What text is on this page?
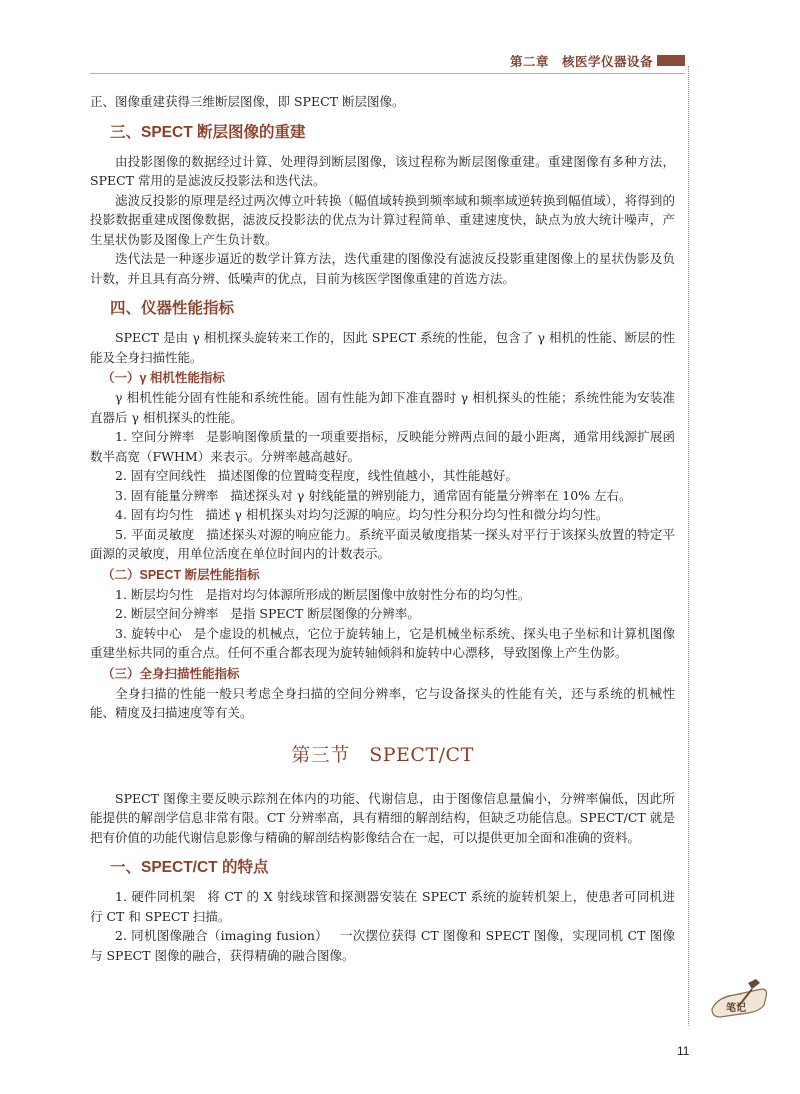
第二章　核医学仪器设备

正、图像重建获得三维断层图像，即 SPECT 断层图像。

三、SPECT 断层图像的重建

由投影图像的数据经过计算、处理得到断层图像，该过程称为断层图像重建。重建图像有多种方法，SPECT 常用的是滤波反投影法和迭代法。

滤波反投影的原理是经过两次傅立叶转换（幅值域转换到频率域和频率域逆转换到幅值域），将得到的投影数据重建成图像数据，滤波反投影法的优点为计算过程简单、重建速度快，缺点为放大统计噪声，产生星状伪影及图像上产生负计数。

迭代法是一种逐步逼近的数学计算方法，迭代重建的图像没有滤波反投影重建图像上的星状伪影及负计数，并且具有高分辨、低噪声的优点，目前为核医学图像重建的首选方法。

四、仪器性能指标

SPECT 是由 γ 相机探头旋转来工作的，因此 SPECT 系统的性能，包含了 γ 相机的性能、断层的性能及全身扫描性能。

（一）γ 相机性能指标

γ 相机性能分固有性能和系统性能。固有性能为卸下准直器时 γ 相机探头的性能；系统性能为安装准直器后 γ 相机探头的性能。

1. 空间分辨率 是影响图像质量的一项重要指标，反映能分辨两点间的最小距离，通常用线源扩展函数半高宽（FWHM）来表示。分辨率越高越好。

2. 固有空间线性 描述图像的位置畸变程度，线性值越小，其性能越好。

3. 固有能量分辨率 描述探头对 γ 射线能量的辨别能力，通常固有能量分辨率在 10% 左右。

4. 固有均匀性 描述 γ 相机探头对均匀泛源的响应。均匀性分积分均匀性和微分均匀性。

5. 平面灵敏度 描述探头对源的响应能力。系统平面灵敏度指某一探头对平行于该探头放置的特定平面源的灵敏度，用单位活度在单位时间内的计数表示。

（二）SPECT 断层性能指标

1. 断层均匀性 是指对均匀体源所形成的断层图像中放射性分布的均匀性。

2. 断层空间分辨率 是指 SPECT 断层图像的分辨率。

3. 旋转中心 是个虚设的机械点，它位于旋转轴上，它是机械坐标系统、探头电子坐标和计算机图像重建坐标共同的重合点。任何不重合都表现为旋转轴倾斜和旋转中心漂移，导致图像上产生伪影。

（三）全身扫描性能指标

全身扫描的性能一般只考虑全身扫描的空间分辨率，它与设备探头的性能有关，还与系统的机械性能、精度及扫描速度等有关。

第三节　SPECT/CT

SPECT 图像主要反映示踪剂在体内的功能、代谢信息，由于图像信息量偏小，分辨率偏低，因此所能提供的解剖学信息非常有限。CT 分辨率高，具有精细的解剖结构，但缺乏功能信息。SPECT/CT 就是把有价值的功能代谢信息影像与精确的解剖结构影像结合在一起，可以提供更加全面和准确的资料。

一、SPECT/CT 的特点

1. 硬件同机架 将 CT 的 X 射线球管和探测器安装在 SPECT 系统的旋转机架上，使患者可同机进行 CT 和 SPECT 扫描。

2. 同机图像融合（imaging fusion） 一次摆位获得 CT 图像和 SPECT 图像，实现同机 CT 图像与 SPECT 图像的融合，获得精确的融合图像。

笔记
11
